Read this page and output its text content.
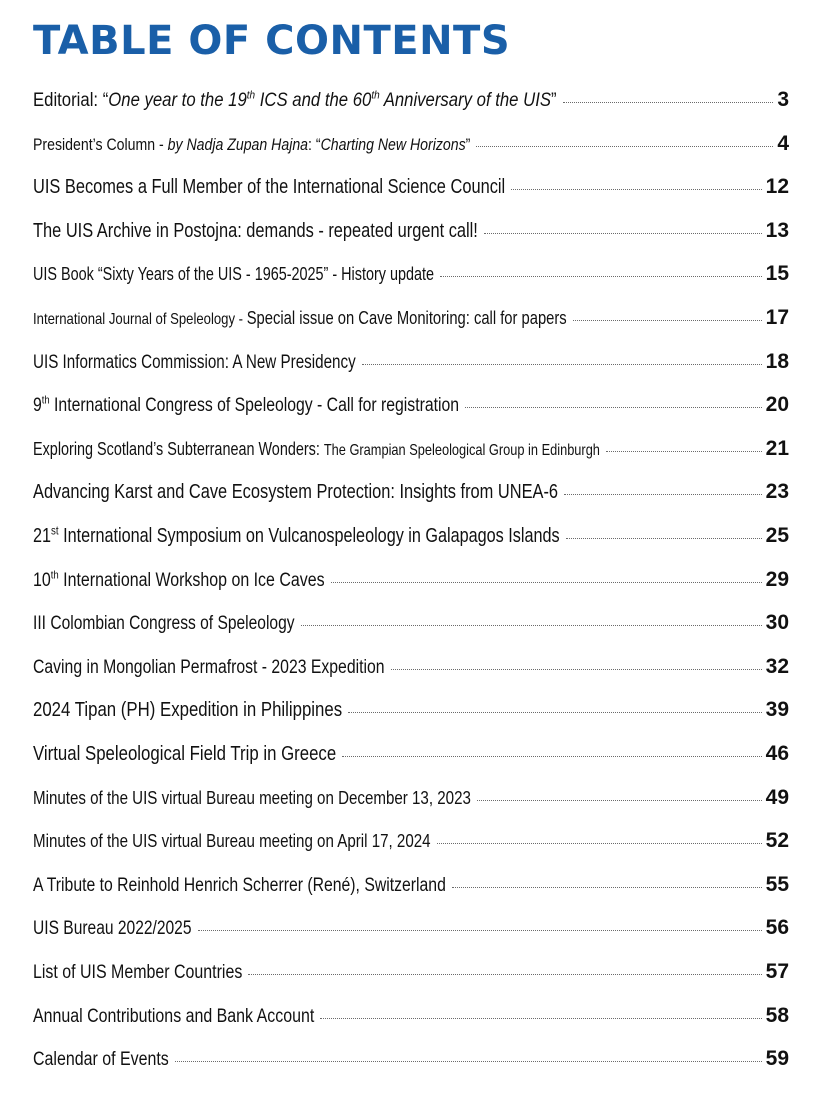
TABLE OF CONTENTS
Editorial: “One year to the 19th ICS and the 60th Anniversary of the UIS”	3
President’s Column - by Nadja Zupan Hajna: “Charting New Horizons”	4
UIS Becomes a Full Member of the International Science Council	12
The UIS Archive in Postojna: demands - repeated urgent call!	13
UIS Book “Sixty Years of the UIS - 1965-2025” - History update	15
International Journal of Speleology - Special issue on Cave Monitoring: call for papers	17
UIS Informatics Commission: A New Presidency	18
9th International Congress of Speleology - Call for registration	20
Exploring Scotland’s Subterranean Wonders: The Grampian Speleological Group in Edinburgh	21
Advancing Karst and Cave Ecosystem Protection: Insights from UNEA-6	23
21st International Symposium on Vulcanospeleology in Galapagos Islands	25
10th International Workshop on Ice Caves	29
III Colombian Congress of Speleology	30
Caving in Mongolian Permafrost - 2023 Expedition	32
2024 Tipan (PH) Expedition in Philippines	39
Virtual Speleological Field Trip in Greece	46
Minutes of the UIS virtual Bureau meeting on December 13, 2023	49
Minutes of the UIS virtual Bureau meeting on April 17, 2024	52
A Tribute to Reinhold Henrich Scherrer (René), Switzerland	55
UIS Bureau 2022/2025	56
List of UIS Member Countries	57
Annual Contributions and Bank Account	58
Calendar of Events	59
